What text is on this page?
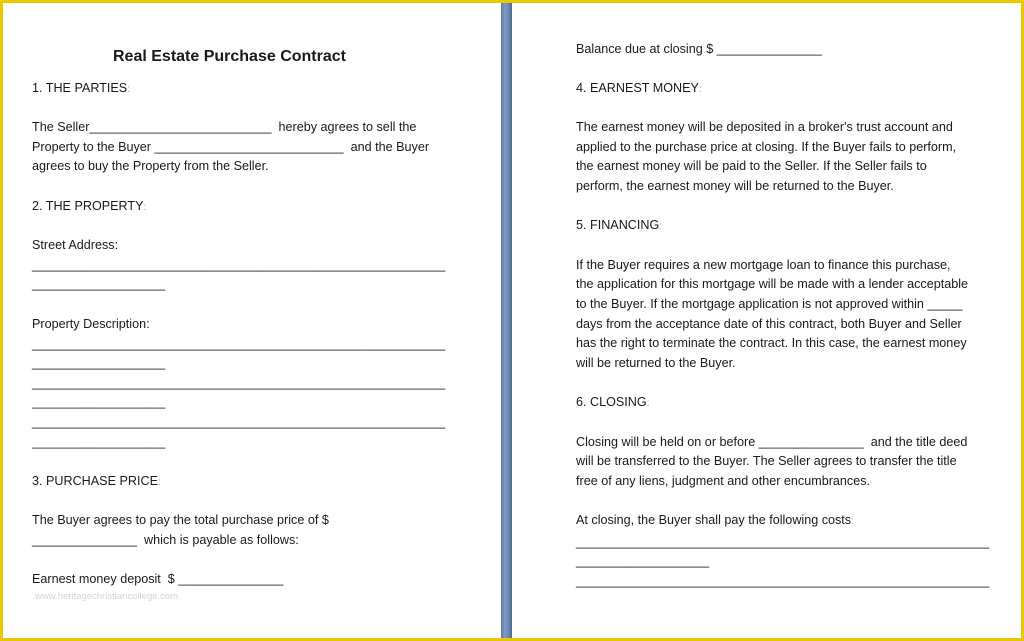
Real Estate Purchase Contract
1. THE PARTIES:
The Seller__________________________  hereby agrees to sell the
Property to the Buyer ___________________________  and the Buyer
agrees to buy the Property from the Seller.
2. THE PROPERTY:
Street Address:
___________________________________________________________
___________________
Property Description:
___________________________________________________________
___________________
___________________________________________________________
___________________
___________________________________________________________
___________________
3. PURCHASE PRICE:
The Buyer agrees to pay the total purchase price of $
_______________  which is payable as follows:
Earnest money deposit  $ _______________
Balance due at closing $ _______________
4. EARNEST MONEY:
The earnest money will be deposited in a broker's trust account and
applied to the purchase price at closing. If the Buyer fails to perform,
the earnest money will be paid to the Seller. If the Seller fails to
perform, the earnest money will be returned to the Buyer.
5. FINANCING:
If the Buyer requires a new mortgage loan to finance this purchase,
the application for this mortgage will be made with a lender acceptable
to the Buyer. If the mortgage application is not approved within _____
days from the acceptance date of this contract, both Buyer and Seller
has the right to terminate the contract. In this case, the earnest money
will be returned to the Buyer.
6. CLOSING:
Closing will be held on or before _______________  and the title deed
will be transferred to the Buyer. The Seller agrees to transfer the title
free of any liens, judgment and other encumbrances.
At closing, the Buyer shall pay the following costs:
___________________________________________________________
___________________
___________________________________________________________
www.heritagechristiancollege.com
